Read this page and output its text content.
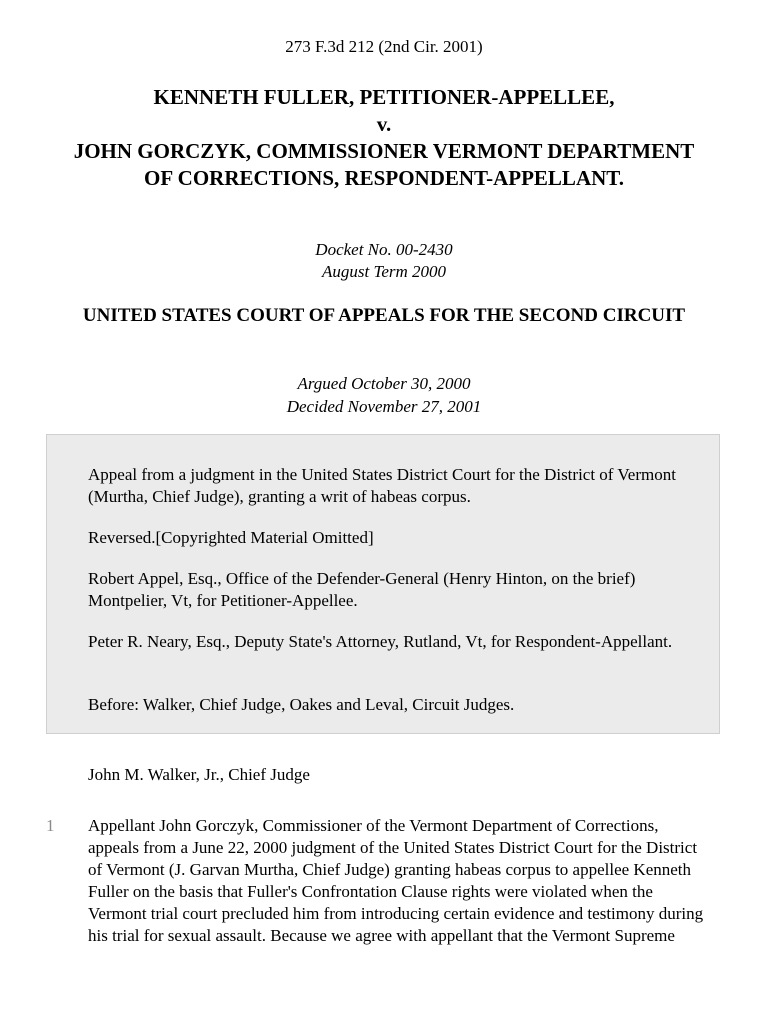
273 F.3d 212 (2nd Cir. 2001)
KENNETH FULLER, PETITIONER-APPELLEE,
v.
JOHN GORCZYK, COMMISSIONER VERMONT DEPARTMENT OF CORRECTIONS, RESPONDENT-APPELLANT.
Docket No. 00-2430
August Term 2000
UNITED STATES COURT OF APPEALS FOR THE SECOND CIRCUIT
Argued October 30, 2000
Decided November 27, 2001

Appeal from a judgment in the United States District Court for the District of Vermont (Murtha, Chief Judge), granting a writ of habeas corpus.

Reversed.[Copyrighted Material Omitted]

Robert Appel, Esq., Office of the Defender-General (Henry Hinton, on the brief) Montpelier, Vt, for Petitioner-Appellee.

Peter R. Neary, Esq., Deputy State's Attorney, Rutland, Vt, for Respondent-Appellant.

Before: Walker, Chief Judge, Oakes and Leval, Circuit Judges.

John M. Walker, Jr., Chief Judge
1 Appellant John Gorczyk, Commissioner of the Vermont Department of Corrections, appeals from a June 22, 2000 judgment of the United States District Court for the District of Vermont (J. Garvan Murtha, Chief Judge) granting habeas corpus to appellee Kenneth Fuller on the basis that Fuller's Confrontation Clause rights were violated when the Vermont trial court precluded him from introducing certain evidence and testimony during his trial for sexual assault. Because we agree with appellant that the Vermont Supreme
